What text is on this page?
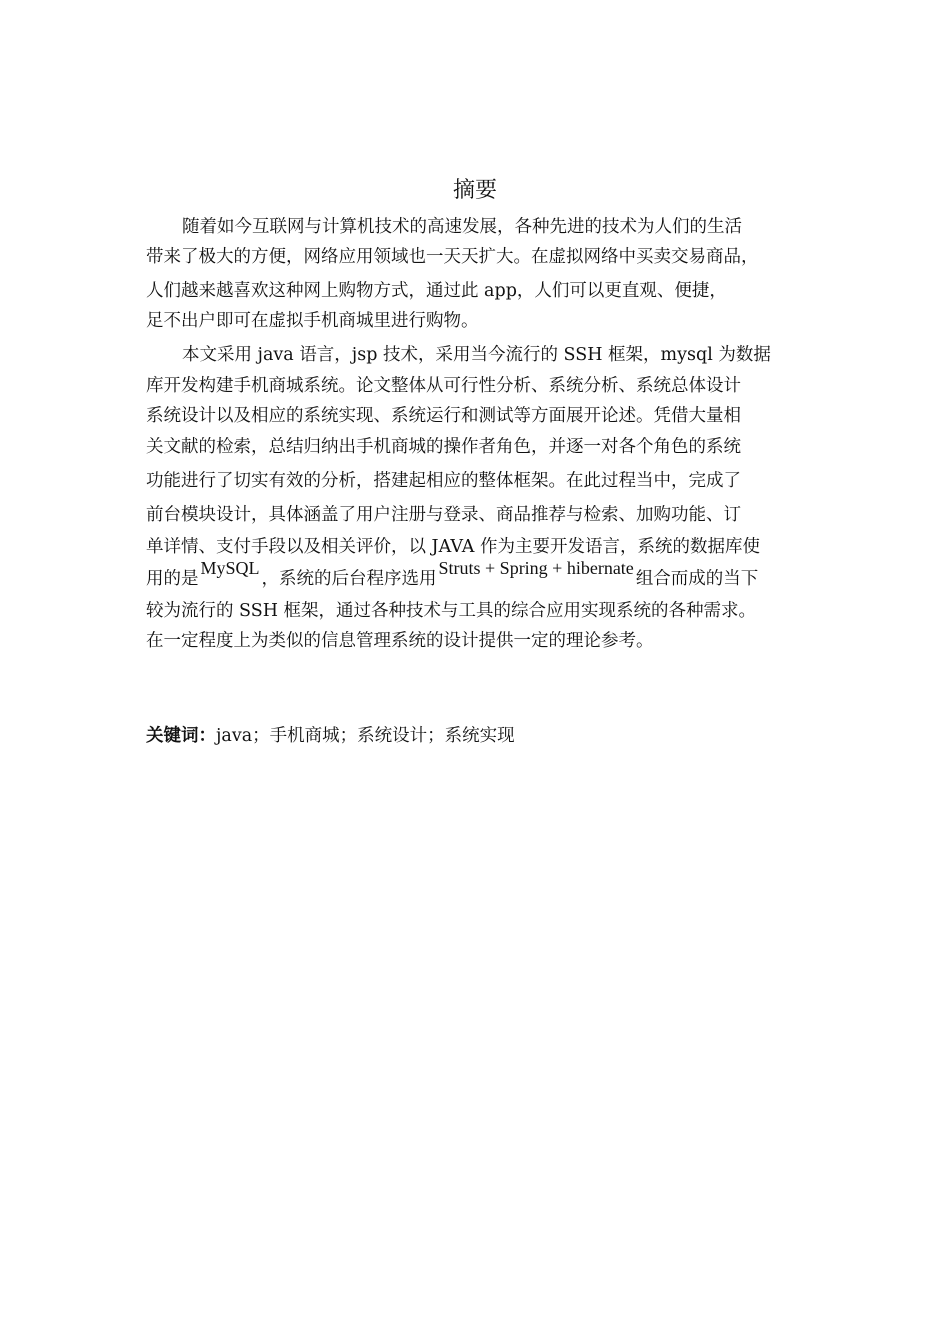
摘要
随着如今互联网与计算机技术的高速发展，各种先进的技术为人们的生活
带来了极大的方便，网络应用领域也一天天扩大。在虚拟网络中买卖交易商品，
人们越来越喜欢这种网上购物方式，通过此 app，人们可以更直观、便捷，
足不出户即可在虚拟手机商城里进行购物。
本文采用 java 语言，jsp 技术，采用当今流行的 SSH 框架，mysql 为数据
库开发构建手机商城系统。论文整体从可行性分析、系统分析、系统总体设计
系统设计以及相应的系统实现、系统运行和测试等方面展开论述。凭借大量相
关文献的检索，总结归纳出手机商城的操作者角色，并逐一对各个角色的系统
功能进行了切实有效的分析，搭建起相应的整体框架。在此过程当中，完成了
前台模块设计，具体涵盖了用户注册与登录、商品推荐与检索、加购功能、订
单详情、支付手段以及相关评价，以 JAVA 作为主要开发语言，系统的数据库使
用的是MySQL，系统的后台程序选用Struts + Spring + hibernate组合而成的当下
较为流行的 SSH 框架，通过各种技术与工具的综合应用实现系统的各种需求。
在一定程度上为类似的信息管理系统的设计提供一定的理论参考。
关键词：java；手机商城；系统设计；系统实现
